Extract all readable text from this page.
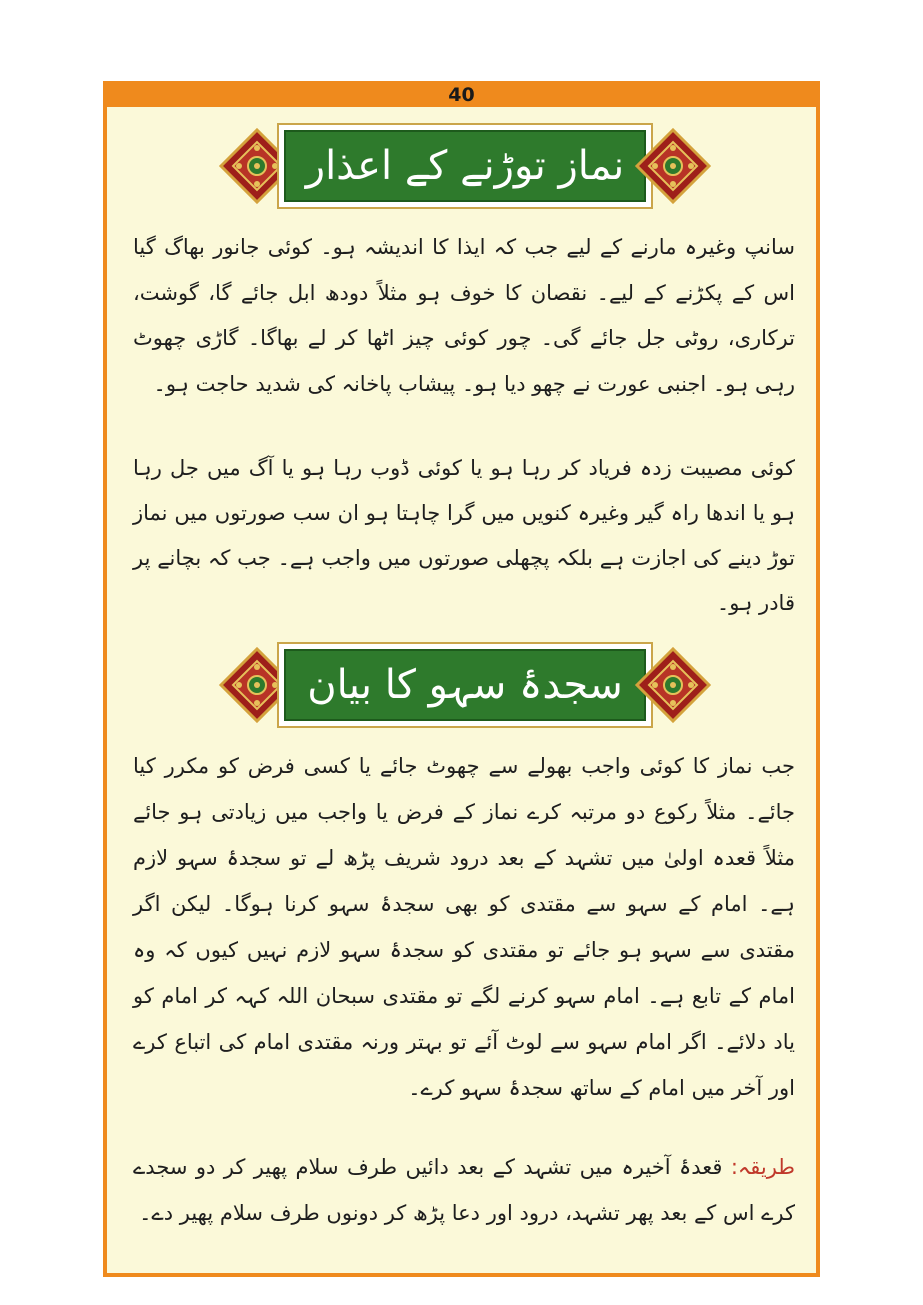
40
نماز توڑنے کے اعذار

سانپ وغیرہ مارنے کے لیے جب کہ ایذا کا اندیشہ ہو۔ کوئی جانور بھاگ گیا اس کے پکڑنے کے لیے۔ نقصان کا خوف ہو مثلاً دودھ ابل جائے گا، گوشت، ترکاری، روٹی جل جائے گی۔ چور کوئی چیز اٹھا کر لے بھاگا۔ گاڑی چھوٹ رہی ہو۔ اجنبی عورت نے چھو دیا ہو۔ پیشاب پاخانہ کی شدید حاجت ہو۔

کوئی مصیبت زدہ فریاد کر رہا ہو یا کوئی ڈوب رہا ہو یا آگ میں جل رہا ہو یا اندھا راہ گیر وغیرہ کنویں میں گرا چاہتا ہو ان سب صورتوں میں نماز توڑ دینے کی اجازت ہے بلکہ پچھلی صورتوں میں واجب ہے۔ جب کہ بچانے پر قادر ہو۔

سجدۂ سہو کا بیان

جب نماز کا کوئی واجب بھولے سے چھوٹ جائے یا کسی فرض کو مکرر کیا جائے۔ مثلاً رکوع دو مرتبہ کرے نماز کے فرض یا واجب میں زیادتی ہو جائے مثلاً قعدہ اولیٰ میں تشہد کے بعد درود شریف پڑھ لے تو سجدۂ سہو لازم ہے۔ امام کے سہو سے مقتدی کو بھی سجدۂ سہو کرنا ہوگا۔ لیکن اگر مقتدی سے سہو ہو جائے تو مقتدی کو سجدۂ سہو لازم نہیں کیوں کہ وہ امام کے تابع ہے۔ امام سہو کرنے لگے تو مقتدی سبحان اللہ کہہ کر امام کو یاد دلائے۔ اگر امام سہو سے لوٹ آئے تو بہتر ورنہ مقتدی امام کی اتباع کرے اور آخر میں امام کے ساتھ سجدۂ سہو کرے۔

طریقہ: قعدۂ آخیرہ میں تشہد کے بعد دائیں طرف سلام پھیر کر دو سجدے کرے اس کے بعد پھر تشہد، درود اور دعا پڑھ کر دونوں طرف سلام پھیر دے۔
